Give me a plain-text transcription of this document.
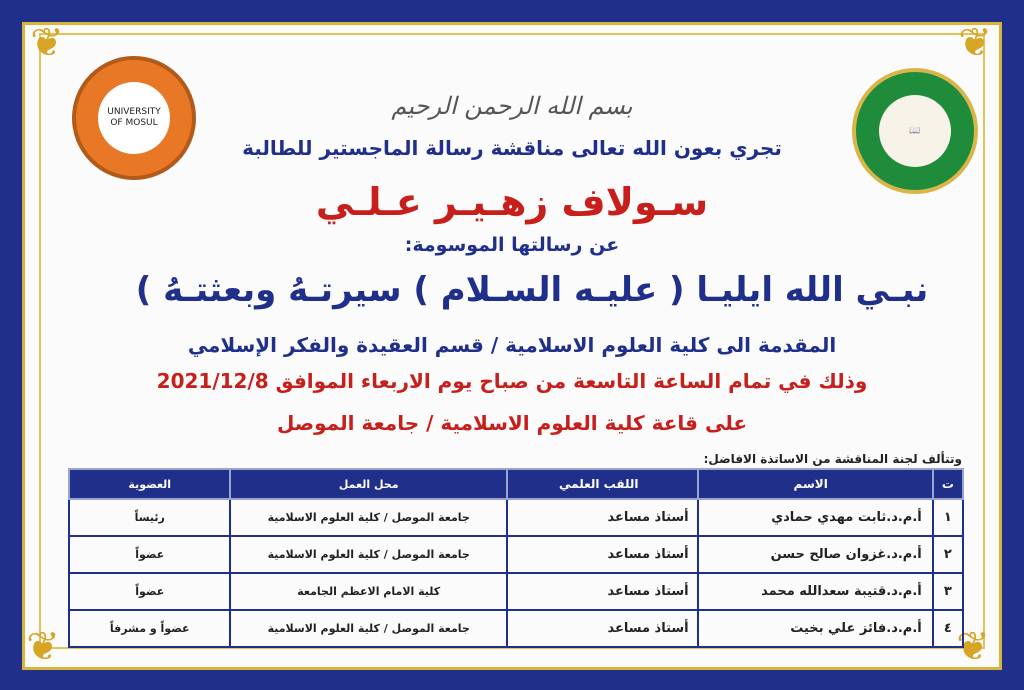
❦	❦
❦	❦
UNIVERSITY OF MOSUL
📖
بسم الله الرحمن الرحيم
تجري بعون الله تعالى مناقشة رسالة الماجستير للطالبة
سـولاف زهـيـر عـلـي
عن رسالتها الموسومة:
نبـي الله ايليـا ( عليـه السـلام ) سيرتـهُ وبعثتـهُ )
المقدمة الى كلية العلوم الاسلامية / قسم العقيدة والفكر الإسلامي
وذلك في تمام الساعة التاسعة من صباح يوم الاربعاء الموافق 2021/12/8
على قاعة كلية العلوم الاسلامية / جامعة الموصل
وتتألف لجنة المناقشة من الاساتذة الافاضل:
ت	الاسم	اللقب العلمي	محل العمل	العضوية
١	أ.م.د.ثابت مهدي حمادي	أستاذ مساعد	جامعة الموصل / كلية العلوم الاسلامية	رئيساً
٢	أ.م.د.غزوان صالح حسن	أستاذ مساعد	جامعة الموصل / كلية العلوم الاسلامية	عضواً
٣	أ.م.د.قتيبة سعدالله محمد	أستاذ مساعد	كلية الامام الاعظم الجامعة	عضواً
٤	أ.م.د.فائز علي بخيت	أستاذ مساعد	جامعة الموصل / كلية العلوم الاسلامية	عضواً و مشرفاً
